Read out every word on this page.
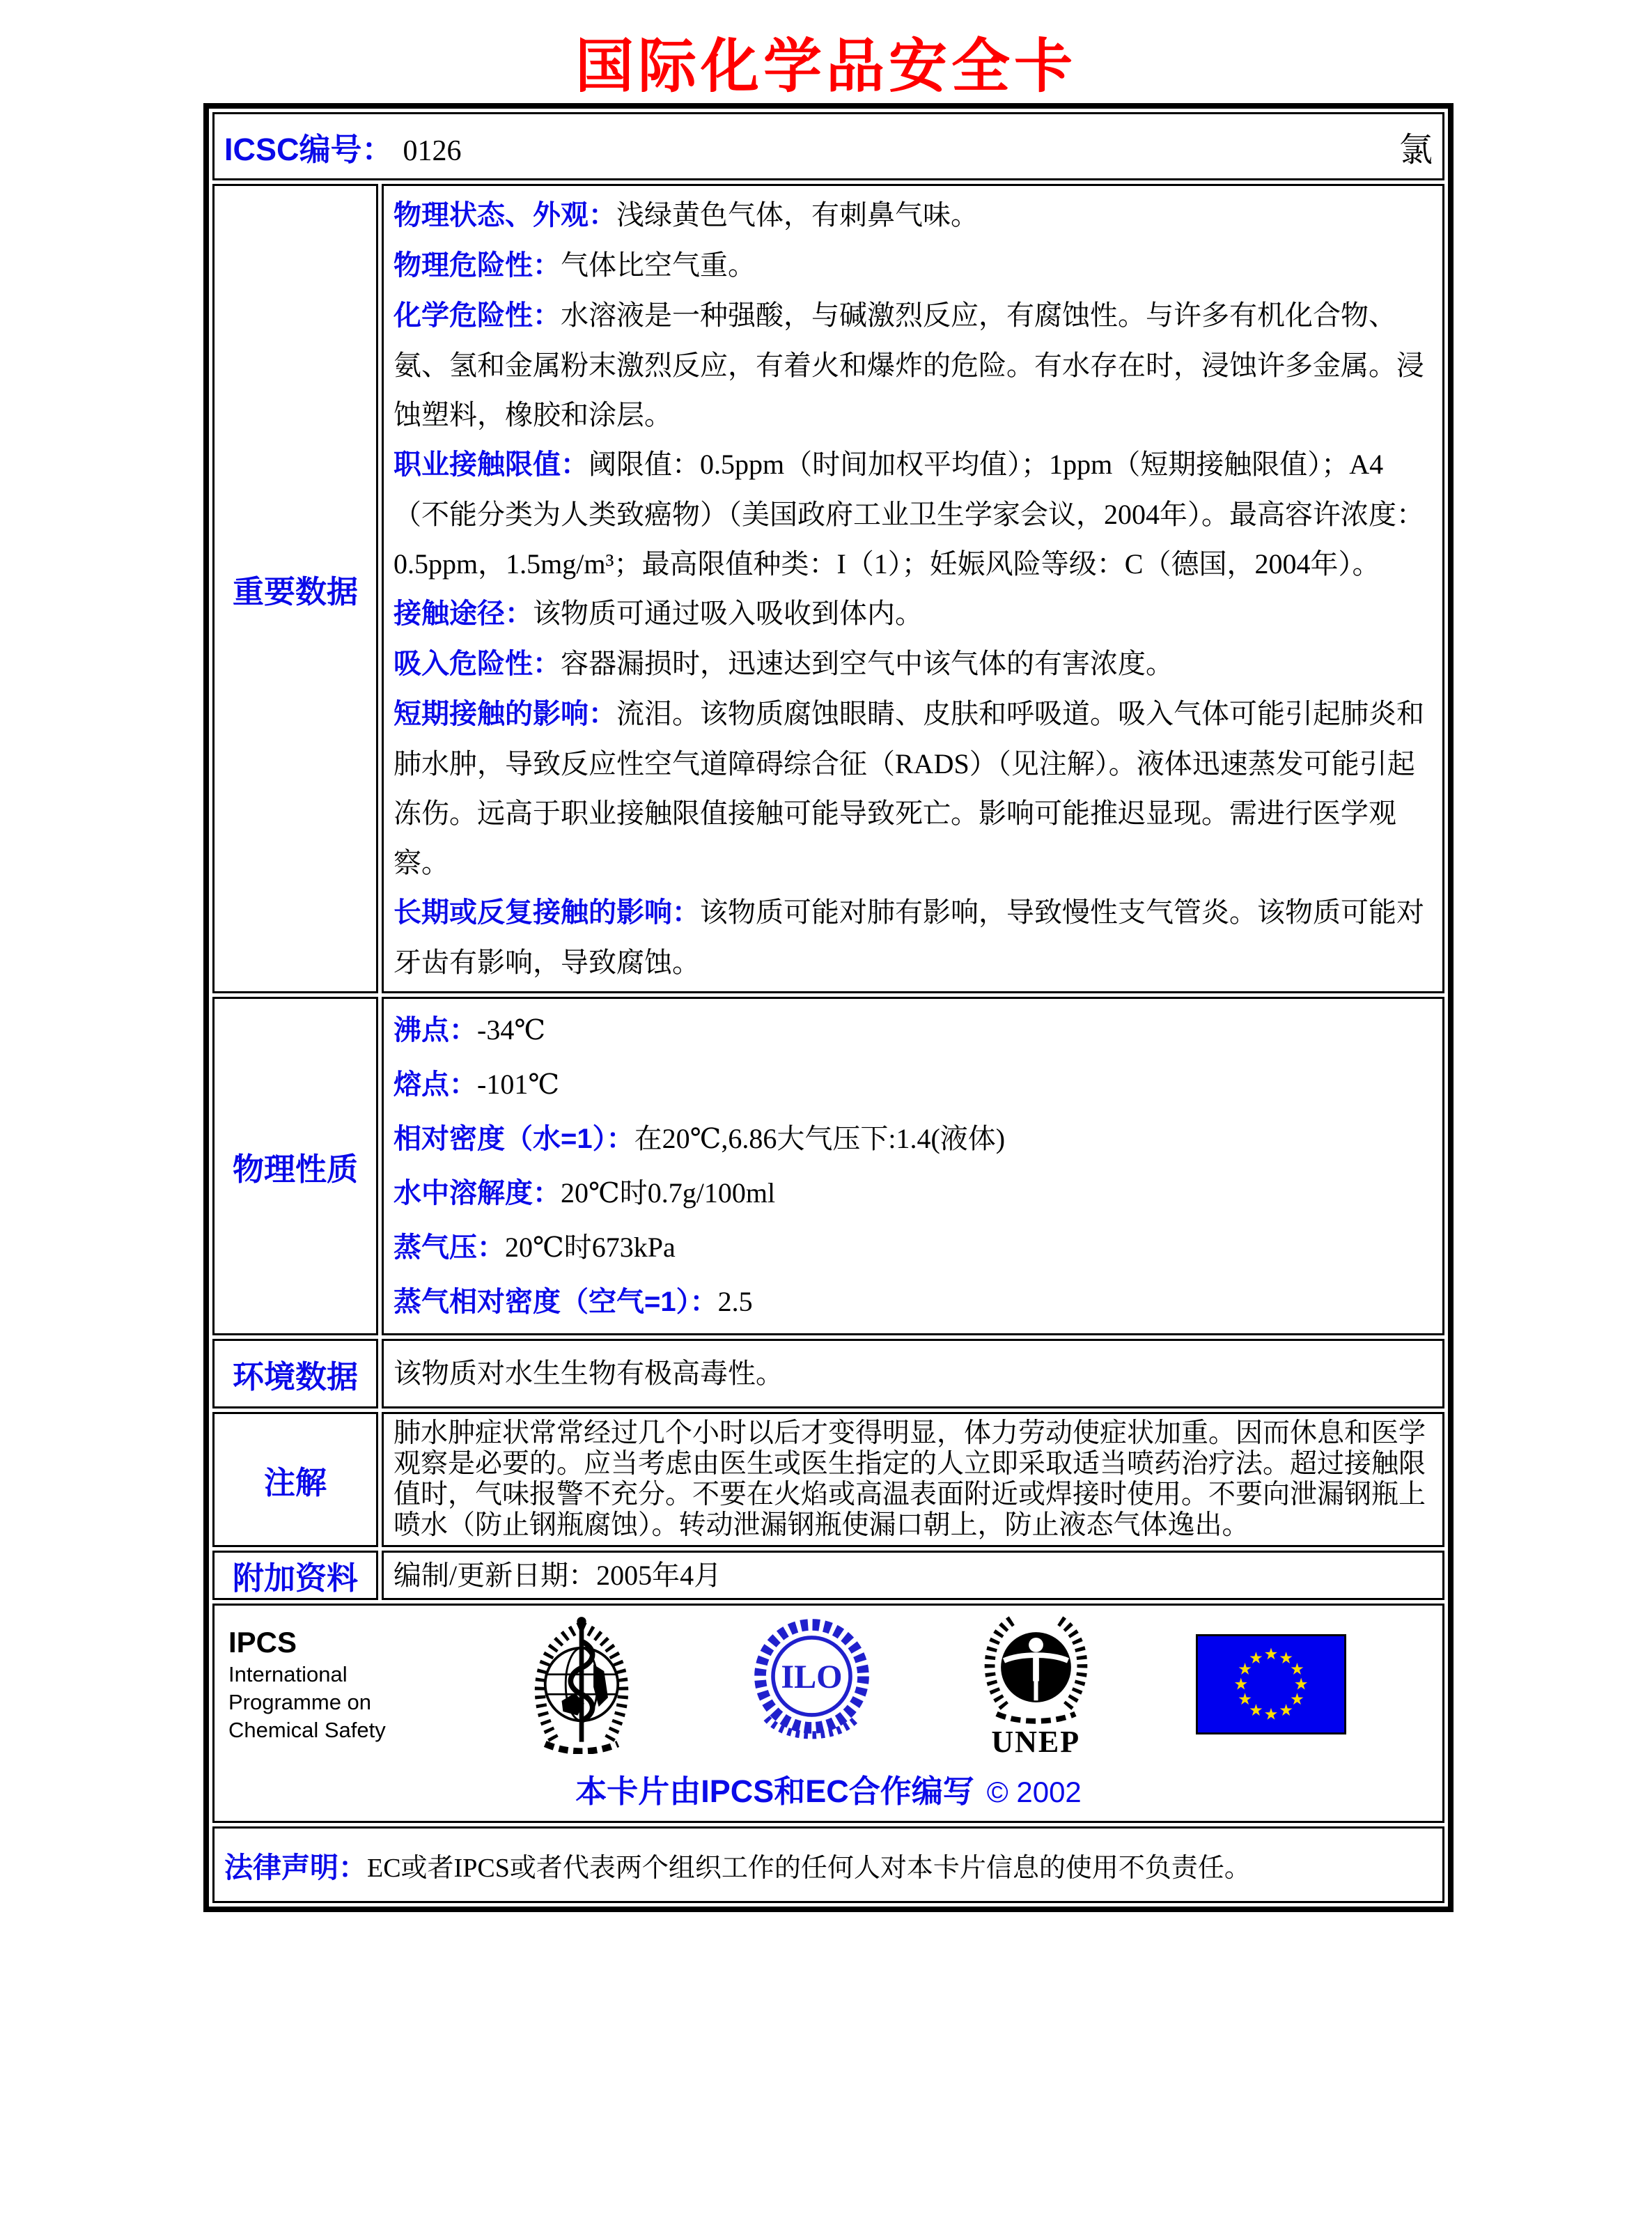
国际化学品安全卡
ICSC编号： 0126 氯	

重要数据	
物理状态、外观：浅绿黄色气体，有刺鼻气味。
物理危险性：气体比空气重。
化学危险性：水溶液是一种强酸，与碱激烈反应，有腐蚀性。与许多有机化合物、氨、氢和金属粉末激烈反应，有着火和爆炸的危险。有水存在时，浸蚀许多金属。浸蚀塑料，橡胶和涂层。
职业接触限值：阈限值：0.5ppm（时间加权平均值）；1ppm（短期接触限值）；A4（不能分类为人类致癌物）（美国政府工业卫生学家会议，2004年）。最高容许浓度：0.5ppm，1.5mg/m³；最高限值种类：I（1）；妊娠风险等级：C（德国，2004年）。
接触途径：该物质可通过吸入吸收到体内。
吸入危险性：容器漏损时，迅速达到空气中该气体的有害浓度。
短期接触的影响：流泪。该物质腐蚀眼睛、皮肤和呼吸道。吸入气体可能引起肺炎和肺水肿，导致反应性空气道障碍综合征（RADS）（见注解）。液体迅速蒸发可能引起冻伤。远高于职业接触限值接触可能导致死亡。影响可能推迟显现。需进行医学观察。
长期或反复接触的影响：该物质可能对肺有影响，导致慢性支气管炎。该物质可能对牙齿有影响，导致腐蚀。

物理性质	
沸点：-34℃
熔点：-101℃
相对密度（水=1）：在20℃,6.86大气压下:1.4(液体)
水中溶解度：20℃时0.7g/100ml
蒸气压：20℃时673kPa
蒸气相对密度（空气=1）：2.5

环境数据	该物质对水生生物有极高毒性。

注解	肺水肿症状常常经过几个小时以后才变得明显，体力劳动使症状加重。因而休息和医学观察是必要的。应当考虑由医生或医生指定的人立即采取适当喷药治疗法。超过接触限值时，气味报警不充分。不要在火焰或高温表面附近或焊接时使用。不要向泄漏钢瓶上喷水（防止钢瓶腐蚀）。转动泄漏钢瓶使漏口朝上，防止液态气体逸出。

附加资料	编制/更新日期：2005年4月

IPCS
International
Programme on
Chemical Safety
ILO
UNEP
本卡片由IPCS和EC合作编写 © 2002

法律声明： EC或者IPCS或者代表两个组织工作的任何人对本卡片信息的使用不负责任。	
